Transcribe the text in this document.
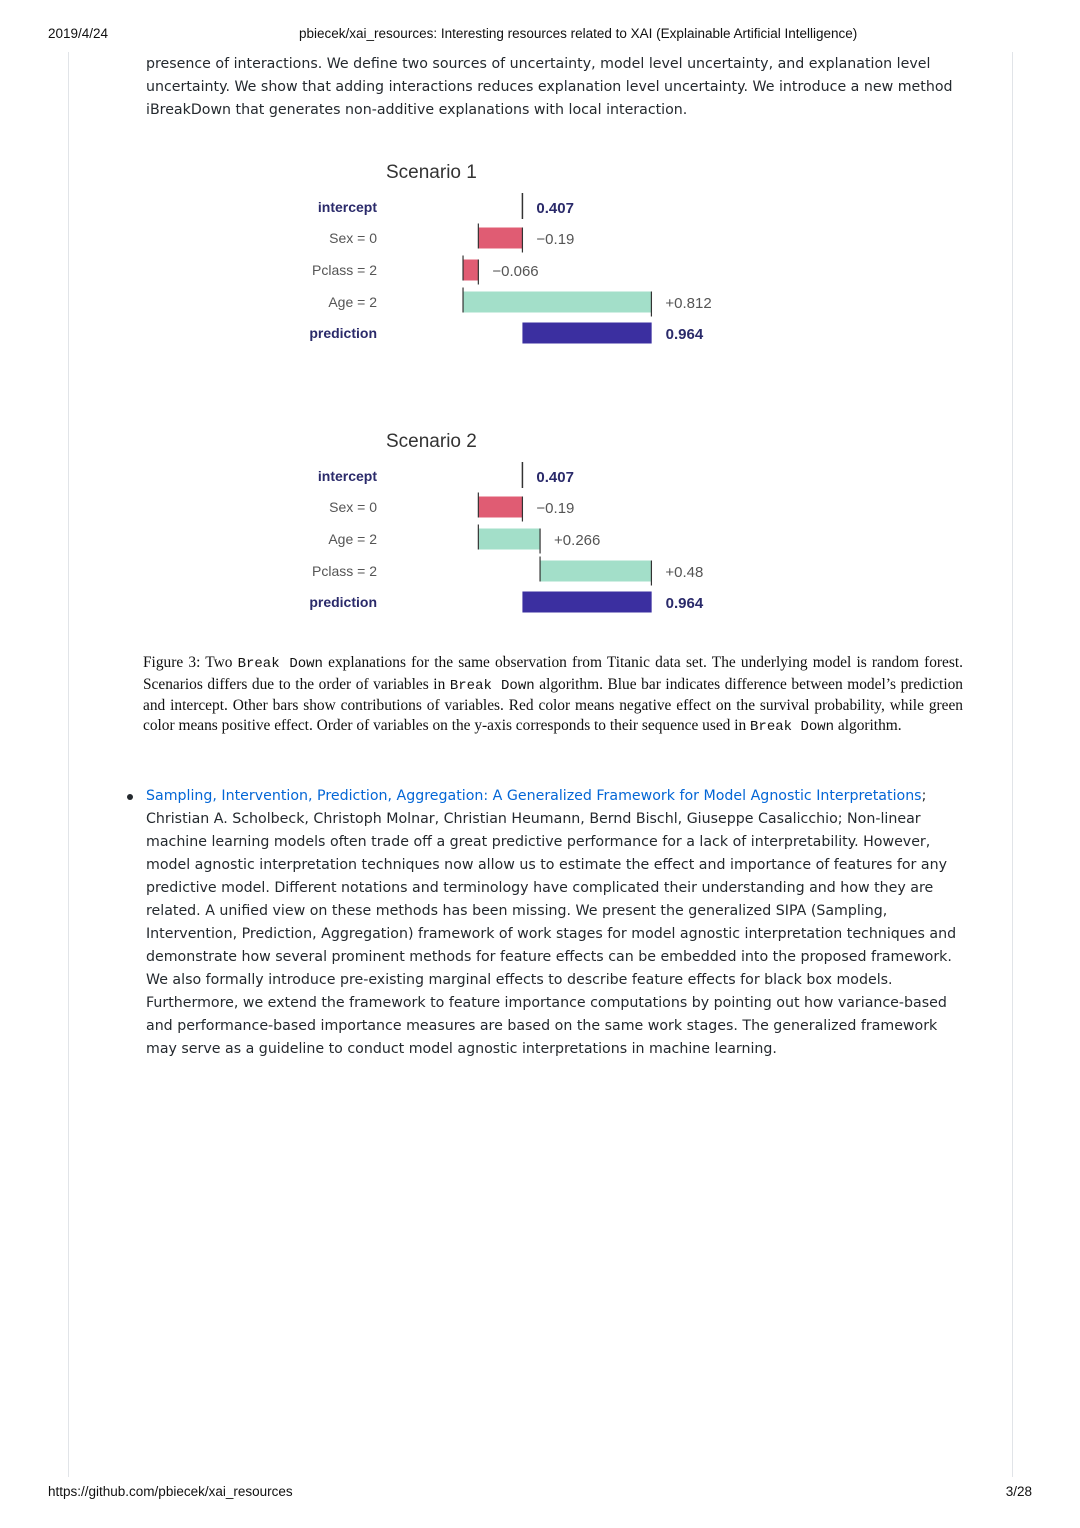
2019/4/24	pbiecek/xai_resources: Interesting resources related to XAI (Explainable Artificial Intelligence)

presence of interactions. We define two sources of uncertainty, model level uncertainty, and explanation level uncertainty. We show that adding interactions reduces explanation level uncertainty. We introduce a new method iBreakDown that generates non-additive explanations with local interaction.

Scenario 1
intercept	0.407
Sex = 0	−0.19
Pclass = 2	−0.066
Age = 2	+0.812
prediction	0.964
Scenario 2
intercept	0.407
Sex = 0	−0.19
Age = 2	+0.266
Pclass = 2	+0.48
prediction	0.964

Figure 3: Two Break Down explanations for the same observation from Titanic data set. The underlying model is random forest. Scenarios differs due to the order of variables in Break Down algorithm. Blue bar indicates difference between model’s prediction and intercept. Other bars show contributions of variables. Red color means negative effect on the survival probability, while green color means positive effect. Order of variables on the y-axis corresponds to their sequence used in Break Down algorithm.

Sampling, Intervention, Prediction, Aggregation: A Generalized Framework for Model Agnostic Interpretations; Christian A. Scholbeck, Christoph Molnar, Christian Heumann, Bernd Bischl, Giuseppe Casalicchio; Non-linear machine learning models often trade off a great predictive performance for a lack of interpretability. However, model agnostic interpretation techniques now allow us to estimate the effect and importance of features for any predictive model. Different notations and terminology have complicated their understanding and how they are related. A unified view on these methods has been missing. We present the generalized SIPA (Sampling, Intervention, Prediction, Aggregation) framework of work stages for model agnostic interpretation techniques and demonstrate how several prominent methods for feature effects can be embedded into the proposed framework. We also formally introduce pre-existing marginal effects to describe feature effects for black box models. Furthermore, we extend the framework to feature importance computations by pointing out how variance-based and performance-based importance measures are based on the same work stages. The generalized framework may serve as a guideline to conduct model agnostic interpretations in machine learning.
https://github.com/pbiecek/xai_resources	3/28
